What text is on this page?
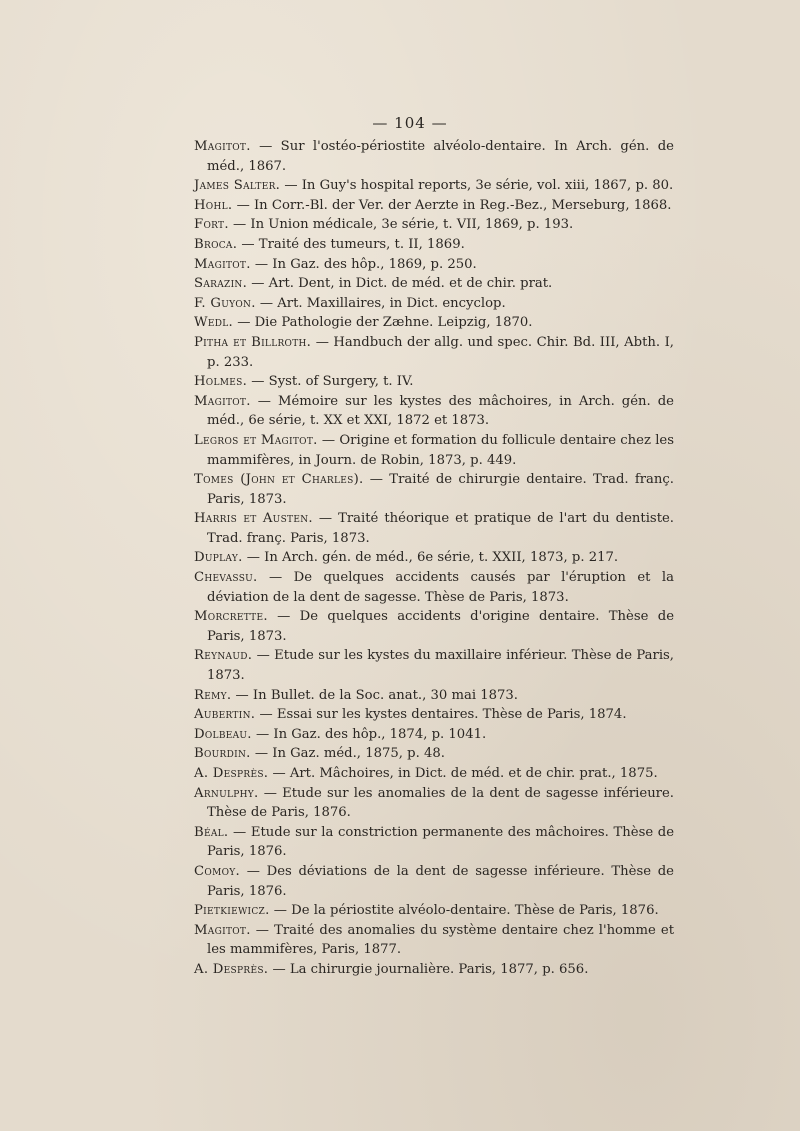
— 104 —
Magitot. — Sur l'ostéo-périostite alvéolo-dentaire. In Arch. gén. de méd., 1867.
James Salter. — In Guy's hospital reports, 3e série, vol. xiii, 1867, p. 80.
Hohl. — In Corr.-Bl. der Ver. der Aerzte in Reg.-Bez., Merseburg, 1868.
Fort. — In Union médicale, 3e série, t. VII, 1869, p. 193.
Broca. — Traité des tumeurs, t. II, 1869.
Magitot. — In Gaz. des hôp., 1869, p. 250.
Sarazin. — Art. Dent, in Dict. de méd. et de chir. prat.
F. Guyon. — Art. Maxillaires, in Dict. encyclop.
Wedl. — Die Pathologie der Zæhne. Leipzig, 1870.
Pitha et Billroth. — Handbuch der allg. und spec. Chir. Bd. III, Abth. I, p. 233.
Holmes. — Syst. of Surgery, t. IV.
Magitot. — Mémoire sur les kystes des mâchoires, in Arch. gén. de méd., 6e série, t. XX et XXI, 1872 et 1873.
Legros et Magitot. — Origine et formation du follicule dentaire chez les mammifères, in Journ. de Robin, 1873, p. 449.
Tomes (John et Charles). — Traité de chirurgie dentaire. Trad. franç. Paris, 1873.
Harris et Austen. — Traité théorique et pratique de l'art du dentiste. Trad. franç. Paris, 1873.
Duplay. — In Arch. gén. de méd., 6e série, t. XXII, 1873, p. 217.
Chevassu. — De quelques accidents causés par l'éruption et la déviation de la dent de sagesse. Thèse de Paris, 1873.
Morcrette. — De quelques accidents d'origine dentaire. Thèse de Paris, 1873.
Reynaud. — Etude sur les kystes du maxillaire inférieur. Thèse de Paris, 1873.
Remy. — In Bullet. de la Soc. anat., 30 mai 1873.
Aubertin. — Essai sur les kystes dentaires. Thèse de Paris, 1874.
Dolbeau. — In Gaz. des hôp., 1874, p. 1041.
Bourdin. — In Gaz. méd., 1875, p. 48.
A. Desprès. — Art. Mâchoires, in Dict. de méd. et de chir. prat., 1875.
Arnulphy. — Etude sur les anomalies de la dent de sagesse inférieure. Thèse de Paris, 1876.
Béal. — Etude sur la constriction permanente des mâchoires. Thèse de Paris, 1876.
Comoy. — Des déviations de la dent de sagesse inférieure. Thèse de Paris, 1876.
Pietkiewicz. — De la périostite alvéolo-dentaire. Thèse de Paris, 1876.
Magitot. — Traité des anomalies du système dentaire chez l'homme et les mammifères, Paris, 1877.
A. Desprès. — La chirurgie journalière. Paris, 1877, p. 656.
